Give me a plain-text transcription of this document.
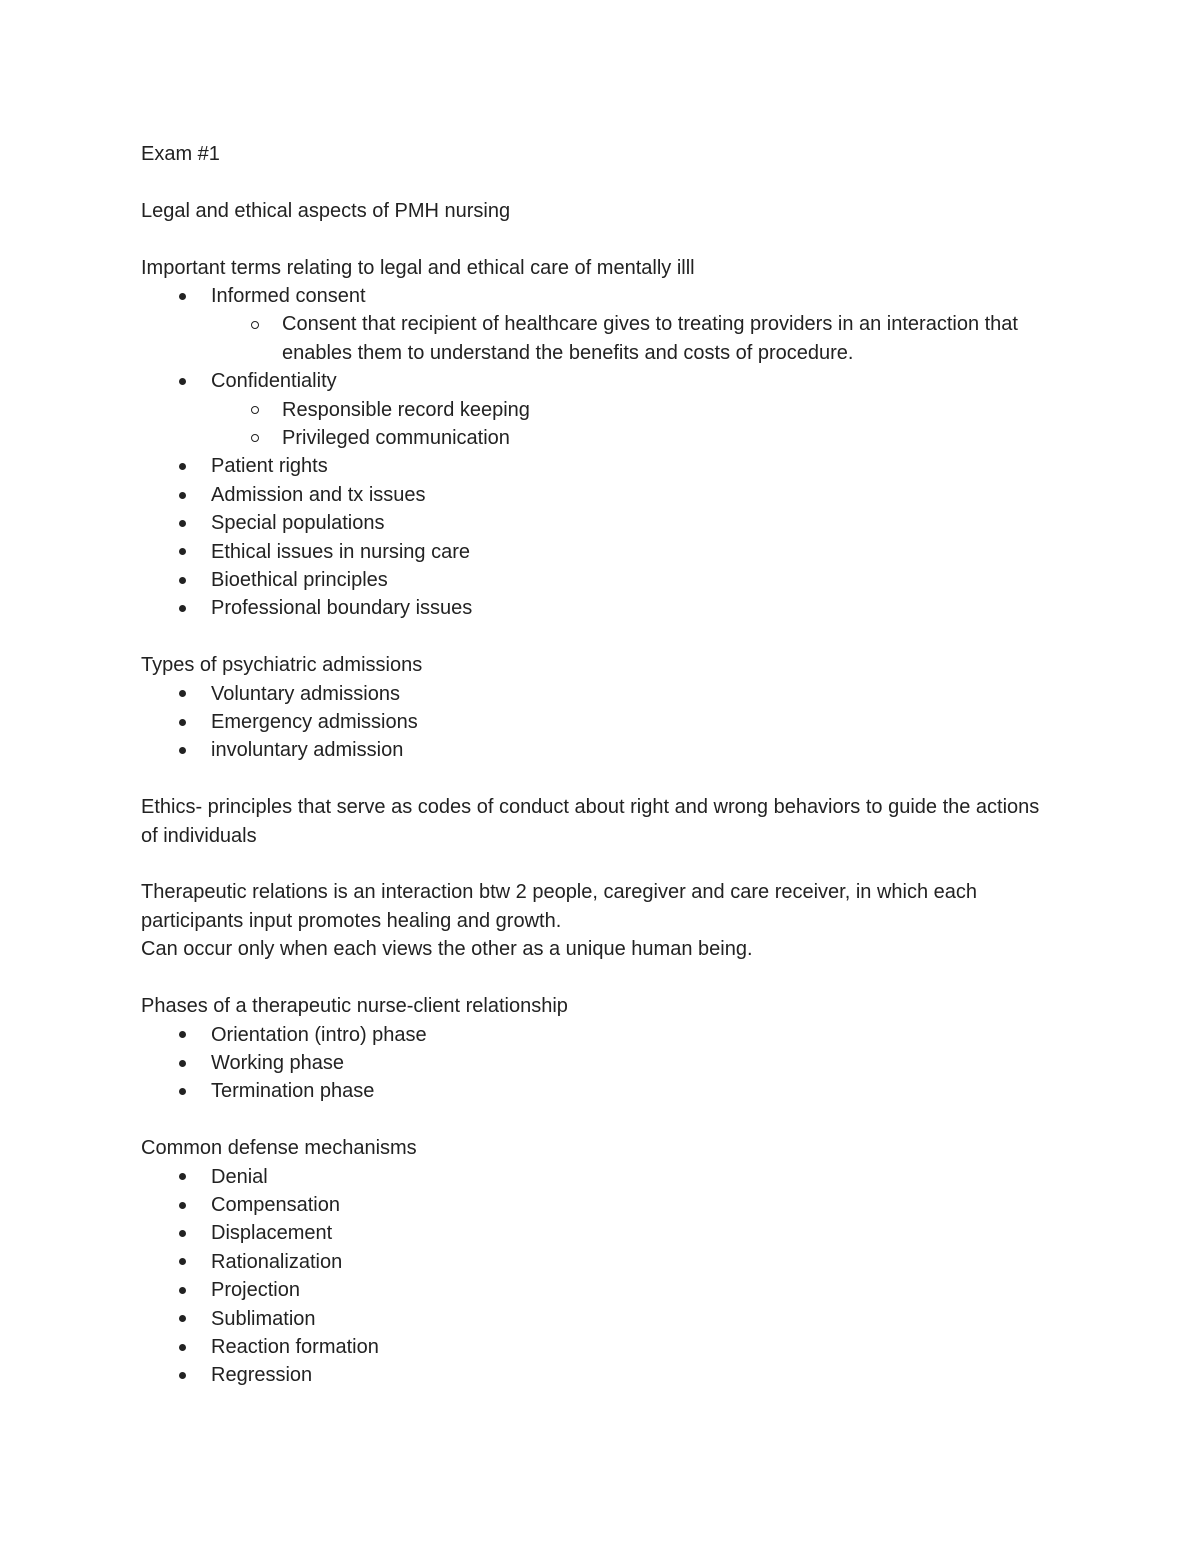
Exam #1

Legal and ethical aspects of PMH nursing

Important terms relating to legal and ethical care of mentally illl

Informed consent
Consent that recipient of healthcare gives to treating providers in an interaction that enables them to understand the benefits and costs of procedure.
Confidentiality
Responsible record keeping
Privileged communication
Patient rights
Admission and tx issues
Special populations
Ethical issues in nursing care
Bioethical principles
Professional boundary issues

Types of psychiatric admissions

Voluntary admissions
Emergency admissions
involuntary admission

Ethics- principles that serve as codes of conduct about right and wrong behaviors to guide the actions of individuals

Therapeutic relations is an interaction btw 2 people, caregiver and care receiver, in which each participants input promotes healing and growth.

Can occur only when each views the other as a unique human being.

Phases of a therapeutic nurse-client relationship

Orientation (intro) phase
Working phase
Termination phase

Common defense mechanisms

Denial
Compensation
Displacement
Rationalization
Projection
Sublimation
Reaction formation
Regression
